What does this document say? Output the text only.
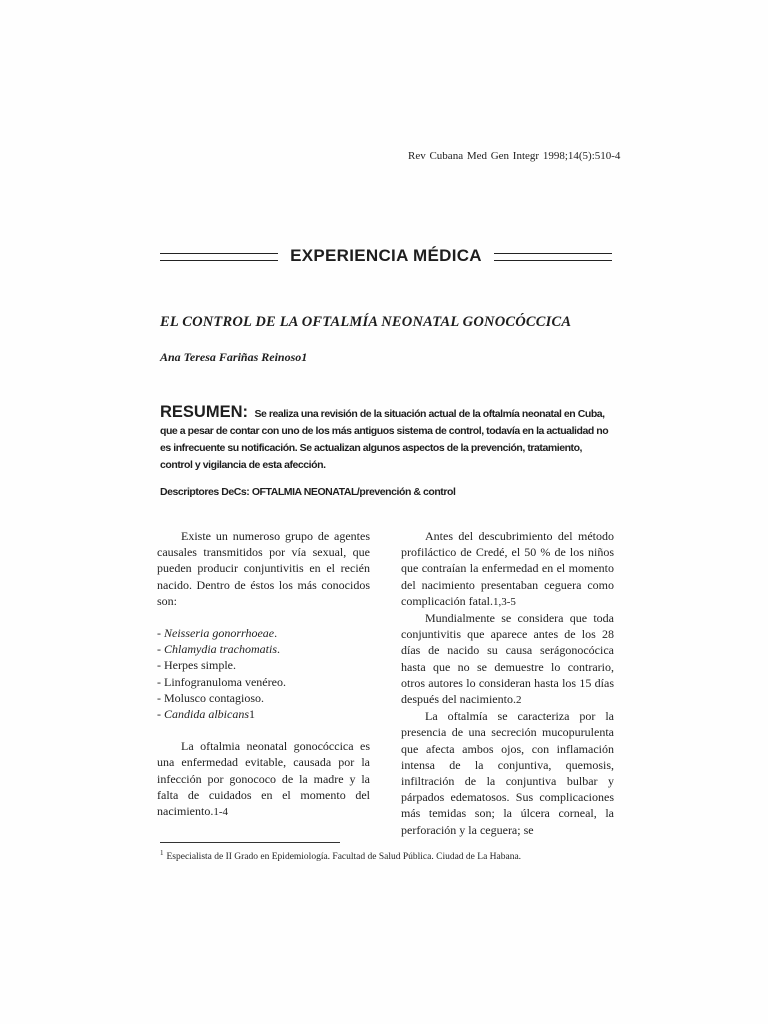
Rev Cubana Med Gen Integr 1998;14(5):510-4
EXPERIENCIA MÉDICA
EL CONTROL DE LA OFTALMÍA NEONATAL GONOCÓCCICA
Ana Teresa Fariñas Reinoso1
RESUMEN: Se realiza una revisión de la situación actual de la oftalmía neonatal en Cuba, que a pesar de contar con uno de los más antiguos sistema de control, todavía en la actualidad no es infrecuente su notificación. Se actualizan algunos aspectos de la prevención, tratamiento, control y vigilancia de esta afección.
Descriptores DeCs: OFTALMIA NEONATAL/prevención & control

Existe un numeroso grupo de agentes causales transmitidos por vía sexual, que pueden producir conjuntivitis en el recién nacido. Dentro de éstos los más conocidos son:

- Neisseria gonorrhoeae.
- Chlamydia trachomatis.
- Herpes simple.
- Linfogranuloma venéreo.
- Molusco contagioso.
- Candida albicans1

La oftalmia neonatal gonocóccica es una enfermedad evitable, causada por la infección por gonococo de la madre y la falta de cuidados en el momento del nacimiento.1-4

Antes del descubrimiento del método profiláctico de Credé, el 50 % de los niños que contraían la enfermedad en el momento del nacimiento presentaban ceguera como complicación fatal.1,3-5

Mundialmente se considera que toda conjuntivitis que aparece antes de los 28 días de nacido su causa serágonocócica hasta que no se demuestre lo contrario, otros autores lo consideran hasta los 15 días después del nacimiento.2

La oftalmía se caracteriza por la presencia de una secreción mucopurulenta que afecta ambos ojos, con inflamación intensa de la conjuntiva, quemosis, infiltración de la conjuntiva bulbar y párpados edematosos. Sus complicaciones más temidas son; la úlcera corneal, la perforación y la ceguera; se

$^1$ Especialista de II Grado en Epidemiología. Facultad de Salud Pública. Ciudad de La Habana.
